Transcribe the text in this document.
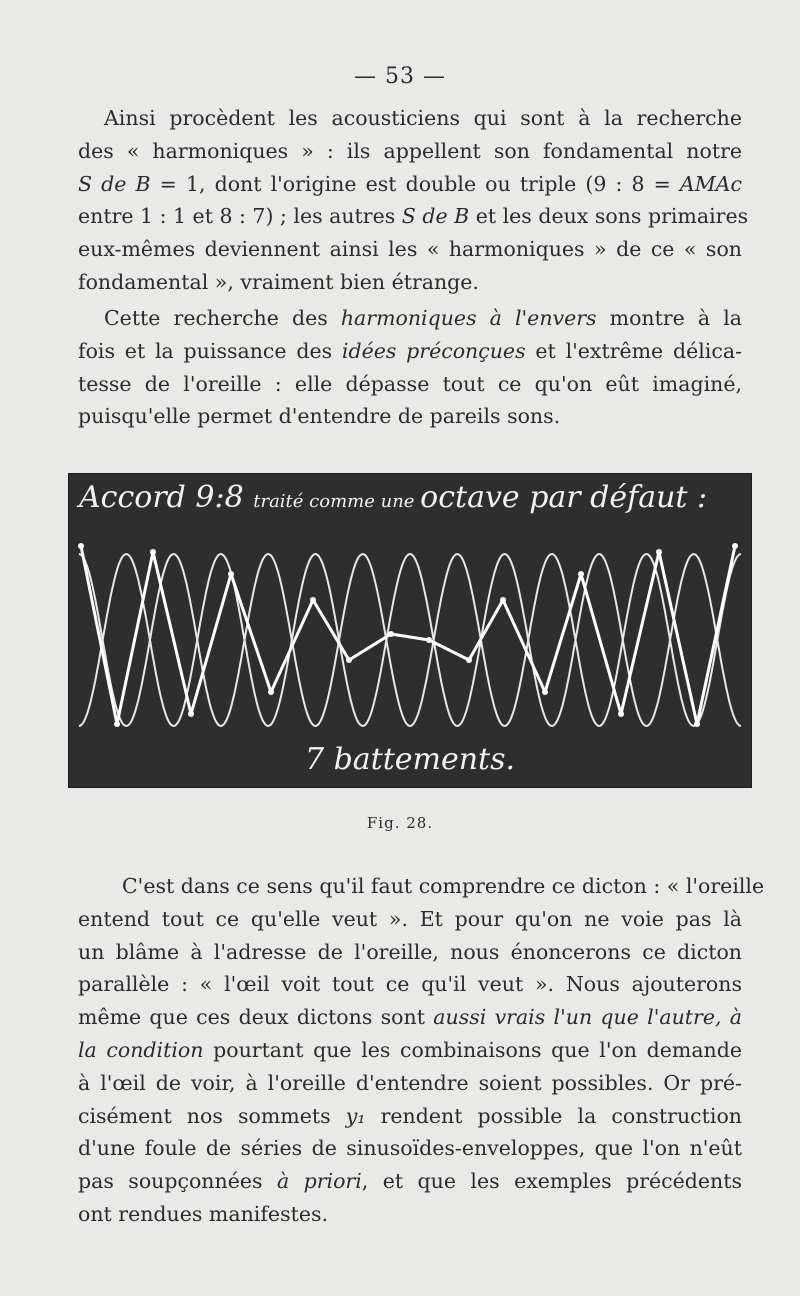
— 53 —
Ainsi procèdent les acousticiens qui sont à la recherche
des « harmoniques » : ils appellent son fondamental notre
S de B = 1, dont l'origine est double ou triple (9 : 8 = AMAc
entre 1 : 1 et 8 : 7) ; les autres S de B et les deux sons primaires
eux-mêmes deviennent ainsi les « harmoniques » de ce « son
fondamental », vraiment bien étrange.
Cette recherche des harmoniques à l'envers montre à la
fois et la puissance des idées préconçues et l'extrême délica-
tesse de l'oreille : elle dépasse tout ce qu'on eût imaginé,
puisqu'elle permet d'entendre de pareils sons.
Accord 9:8 traité comme une octave par défaut :
7 battements.
Fig. 28.
C'est dans ce sens qu'il faut comprendre ce dicton : « l'oreille
entend tout ce qu'elle veut ». Et pour qu'on ne voie pas là
un blâme à l'adresse de l'oreille, nous énoncerons ce dicton
parallèle : « l'œil voit tout ce qu'il veut ». Nous ajouterons
même que ces deux dictons sont aussi vrais l'un que l'autre, à
la condition pourtant que les combinaisons que l'on demande
à l'œil de voir, à l'oreille d'entendre soient possibles. Or pré-
cisément nos sommets y₁ rendent possible la construction
d'une foule de séries de sinusoïdes-enveloppes, que l'on n'eût
pas soupçonnées à priori, et que les exemples précédents
ont rendues manifestes.
